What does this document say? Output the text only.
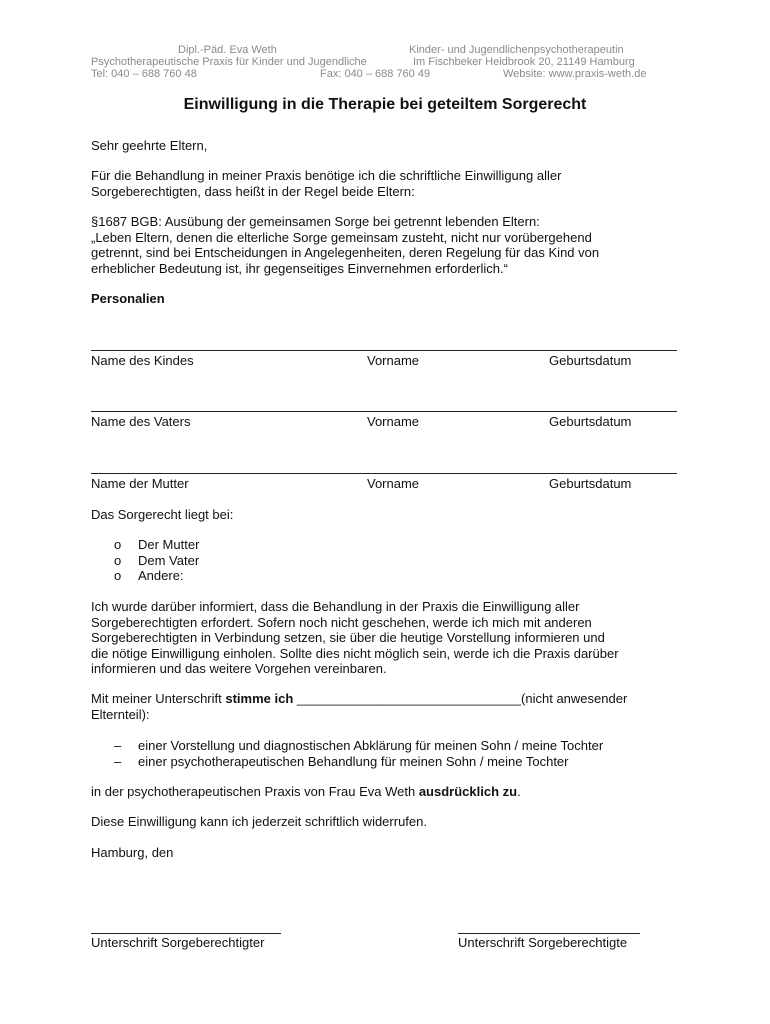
Dipl.-Päd. Eva Weth	Kinder- und Jugendlichenpsychotherapeutin
Psychotherapeutische Praxis für Kinder und Jugendliche	Im Fischbeker Heidbrook 20, 21149 Hamburg
Tel: 040 – 688 760 48	Fax: 040 – 688 760 49	Website: www.praxis-weth.de
Einwilligung in die Therapie bei geteiltem Sorgerecht
Sehr geehrte Eltern,
Für die Behandlung in meiner Praxis benötige ich die schriftliche Einwilligung aller
Sorgeberechtigten, dass heißt in der Regel beide Eltern:
§1687 BGB: Ausübung der gemeinsamen Sorge bei getrennt lebenden Eltern:
„Leben Eltern, denen die elterliche Sorge gemeinsam zusteht, nicht nur vorübergehend
getrennt, sind bei Entscheidungen in Angelegenheiten, deren Regelung für das Kind von
erheblicher Bedeutung ist, ihr gegenseitiges Einvernehmen erforderlich.“
Personalien
Name des Kindes	Vorname	Geburtsdatum
Name des Vaters	Vorname	Geburtsdatum
Name der Mutter	Vorname	Geburtsdatum
Das Sorgerecht liegt bei:
o Der Mutter
o Dem Vater
o Andere:
Ich wurde darüber informiert, dass die Behandlung in der Praxis die Einwilligung aller
Sorgeberechtigten erfordert. Sofern noch nicht geschehen, werde ich mich mit anderen
Sorgeberechtigten in Verbindung setzen, sie über die heutige Vorstellung informieren und
die nötige Einwilligung einholen. Sollte dies nicht möglich sein, werde ich die Praxis darüber
informieren und das weitere Vorgehen vereinbaren.
Mit meiner Unterschrift stimme ich _______________________________(nicht anwesender
Elternteil):
– einer Vorstellung und diagnostischen Abklärung für meinen Sohn / meine Tochter
– einer psychotherapeutischen Behandlung für meinen Sohn / meine Tochter
in der psychotherapeutischen Praxis von Frau Eva Weth ausdrücklich zu.
Diese Einwilligung kann ich jederzeit schriftlich widerrufen.
Hamburg, den
Unterschrift Sorgeberechtigter	Unterschrift Sorgeberechtigte
